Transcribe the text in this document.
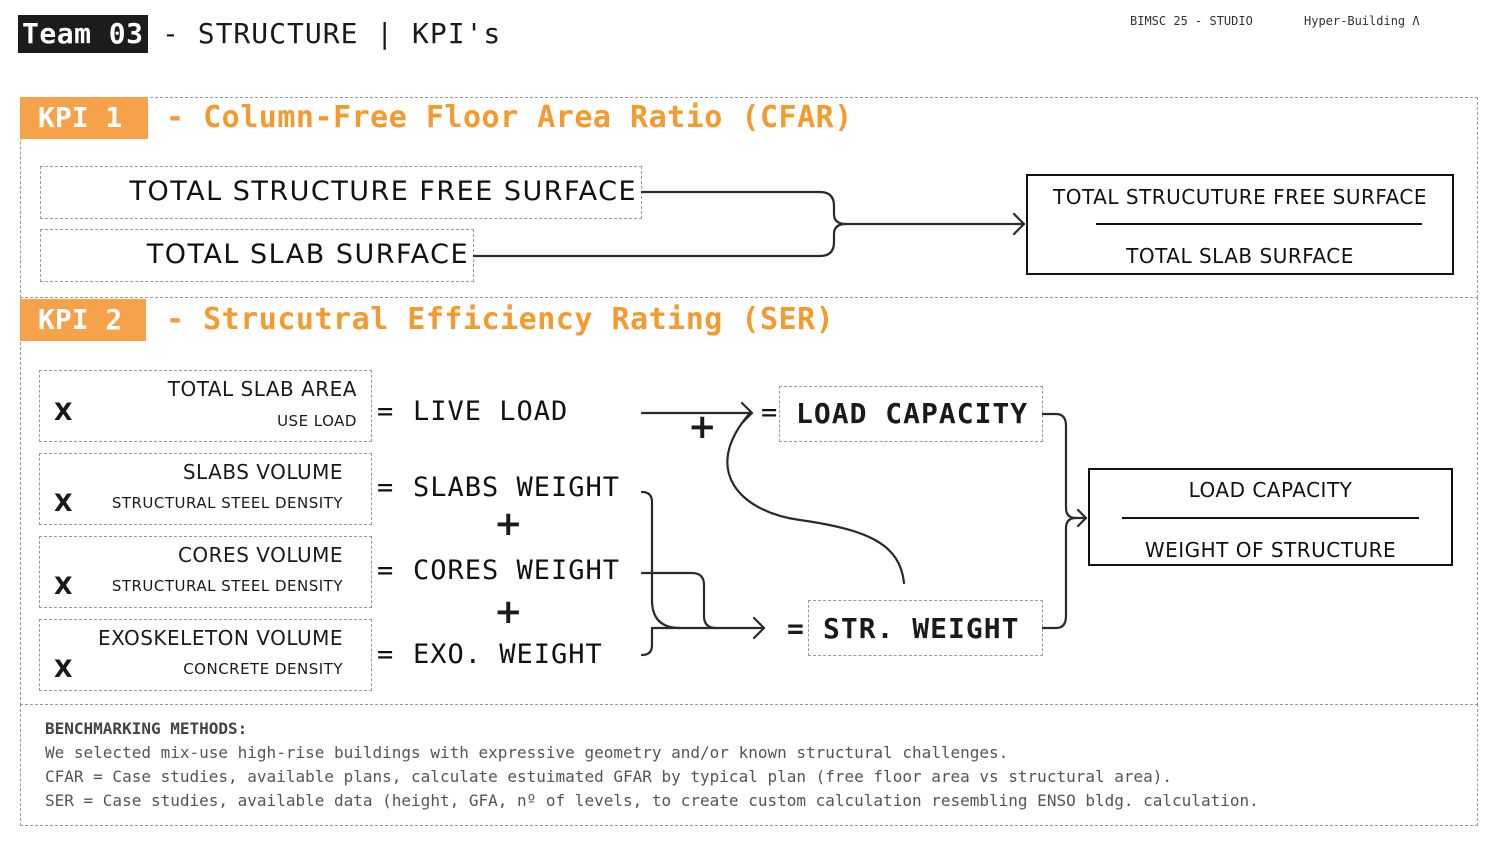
Team 03 - STRUCTURE | KPI's	BIMSC 25 - STUDIO	Hyper-Building Λ
KPI 1	- Column-Free Floor Area Ratio (CFAR)
TOTAL STRUCTURE FREE SURFACE
TOTAL SLAB SURFACE
TOTAL STRUCUTURE FREE SURFACE
TOTAL SLAB SURFACE
KPI 2	- Strucutral Efficiency Rating (SER)
TOTAL SLAB AREA
USE LOAD
X
SLABS VOLUME
STRUCTURAL STEEL DENSITY
X
CORES VOLUME
STRUCTURAL STEEL DENSITY
X
EXOSKELETON VOLUME
CONCRETE DENSITY
X
= LIVE LOAD
= SLABS WEIGHT
= CORES WEIGHT
= EXO. WEIGHT
+
+
+ = LOAD CAPACITY
= STR. WEIGHT
LOAD CAPACITY
WEIGHT OF STRUCTURE
BENCHMARKING METHODS:
We selected mix-use high-rise buildings with expressive geometry and/or known structural challenges.
CFAR = Case studies, available plans, calculate estuimated GFAR by typical plan (free floor area vs structural area).
SER = Case studies, available data (height, GFA, nº of levels, to create custom calculation resembling ENSO bldg. calculation.
